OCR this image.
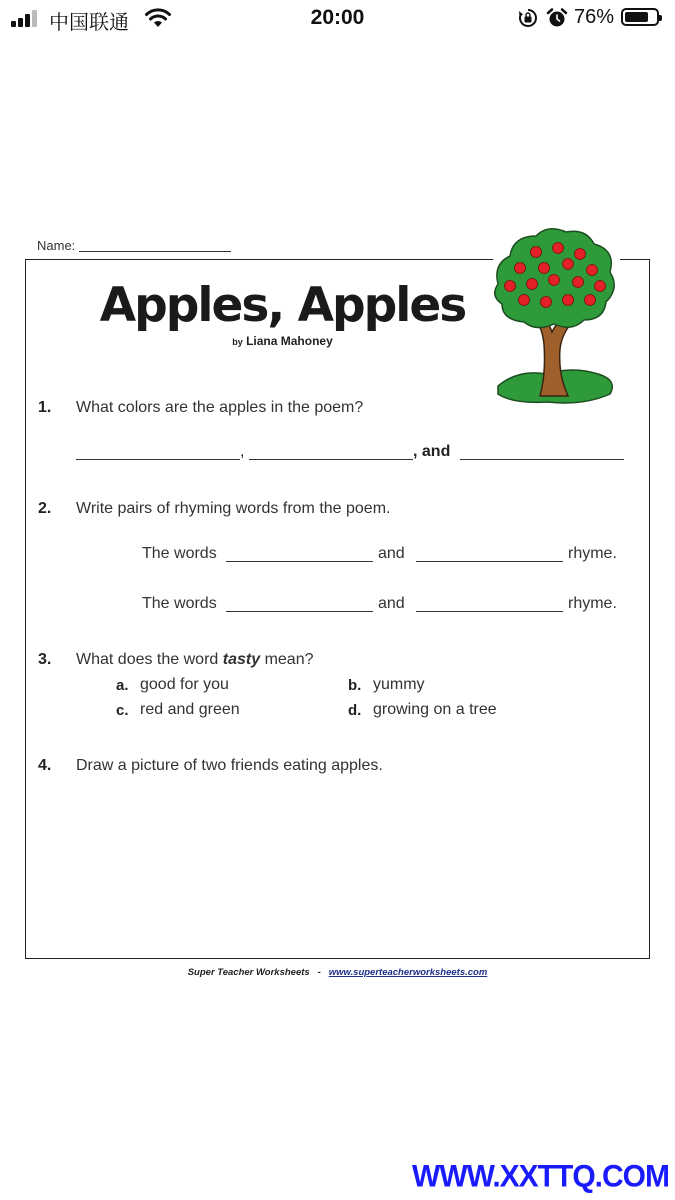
中国联通	20:00	76%
Name:
Apples, Apples
by Liana Mahoney
1. What colors are the apples in the poem?
,	, and
2. Write pairs of rhyming words from the poem.
The words	and	rhyme.
The words	and	rhyme.
3. What does the word tasty mean?
a. good for you	b. yummy
c. red and green	d. growing on a tree
4. Draw a picture of two friends eating apples.
Super Teacher Worksheets - www.superteacherworksheets.com
WWW.XXTTQ.COM
